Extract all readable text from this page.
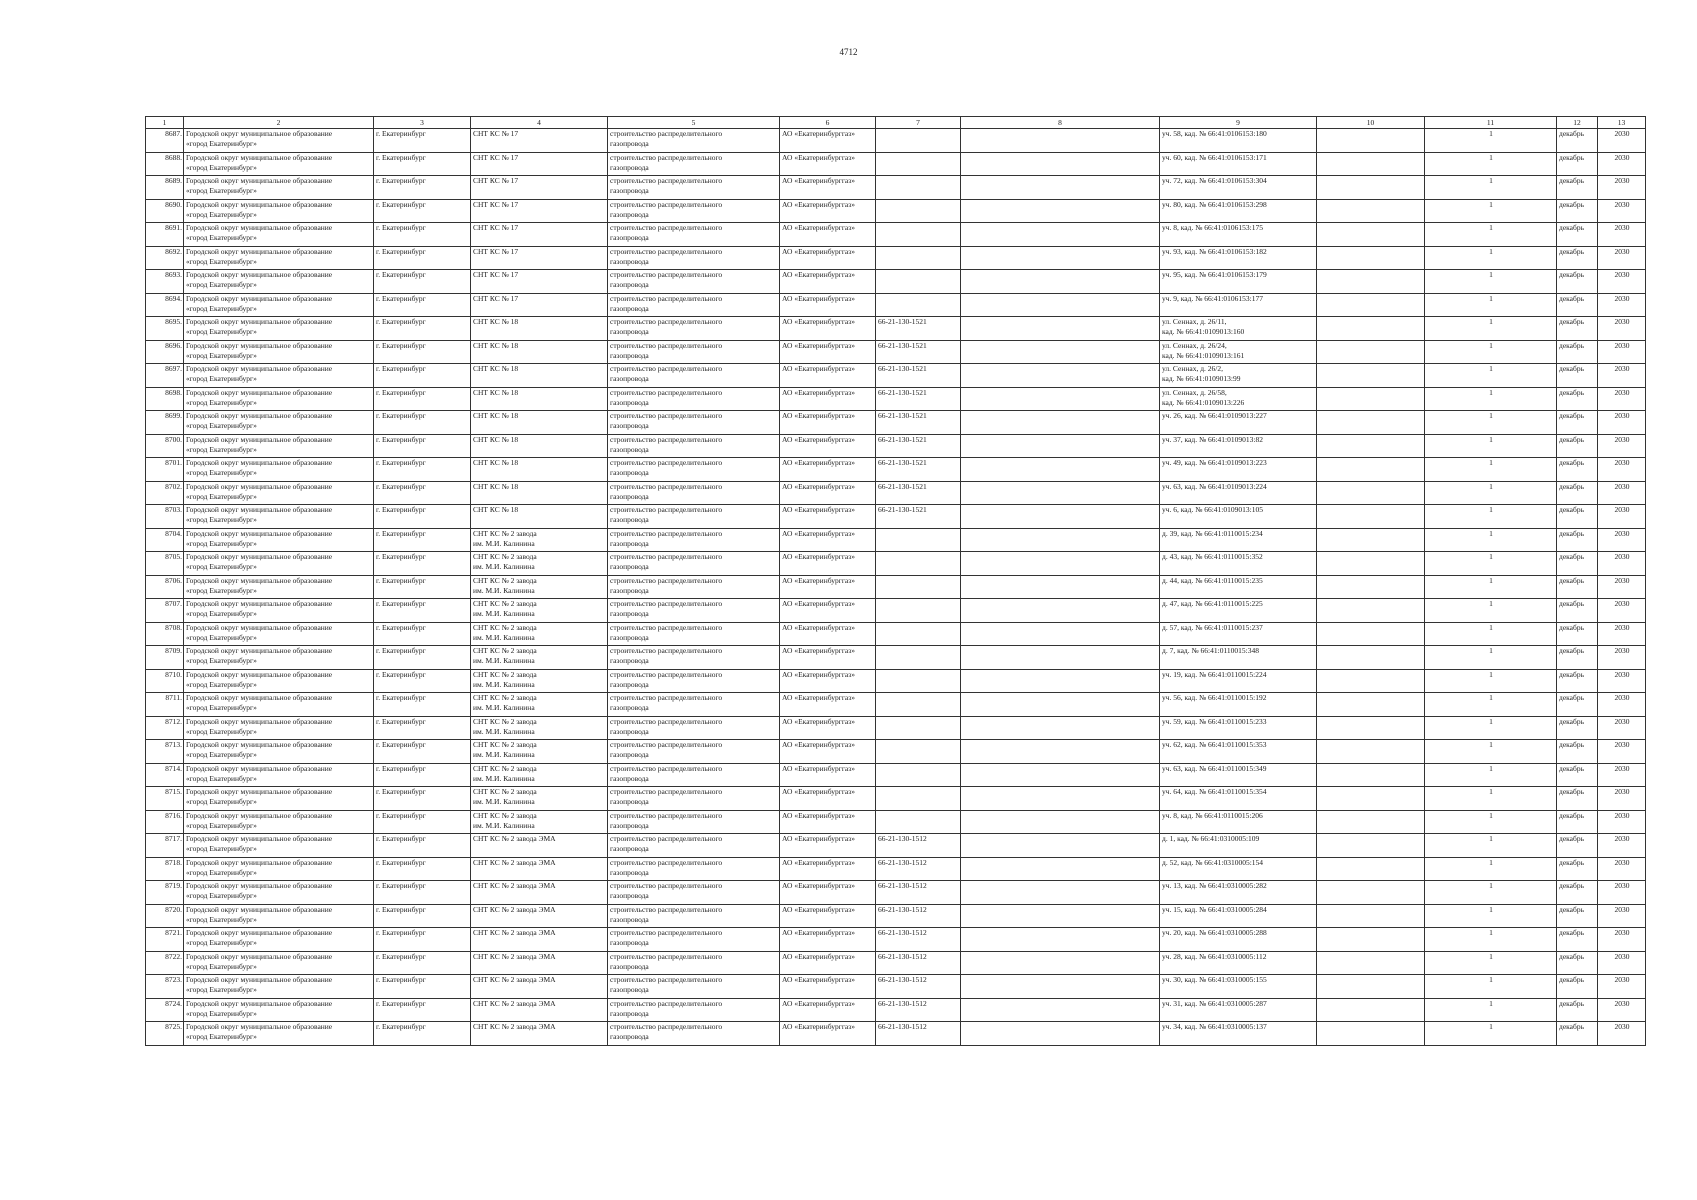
4712
1	2	3	4	5	6	7	8	9	10	11	12	13
8687.	Городской округ муниципальное образование
«город Екатеринбург»	г. Екатеринбург	СНТ КС № 17	строительство распределительного
газопровода	АО «Екатеринбурггаз»			уч. 58, кад. № 66:41:0106153:180		1	декабрь	2030
8688.	Городской округ муниципальное образование
«город Екатеринбург»	г. Екатеринбург	СНТ КС № 17	строительство распределительного
газопровода	АО «Екатеринбурггаз»			уч. 60, кад. № 66:41:0106153:171		1	декабрь	2030
8689.	Городской округ муниципальное образование
«город Екатеринбург»	г. Екатеринбург	СНТ КС № 17	строительство распределительного
газопровода	АО «Екатеринбурггаз»			уч. 72, кад. № 66:41:0106153:304		1	декабрь	2030
8690.	Городской округ муниципальное образование
«город Екатеринбург»	г. Екатеринбург	СНТ КС № 17	строительство распределительного
газопровода	АО «Екатеринбурггаз»			уч. 80, кад. № 66:41:0106153:298		1	декабрь	2030
8691.	Городской округ муниципальное образование
«город Екатеринбург»	г. Екатеринбург	СНТ КС № 17	строительство распределительного
газопровода	АО «Екатеринбурггаз»			уч. 8, кад. № 66:41:0106153:175		1	декабрь	2030
8692.	Городской округ муниципальное образование
«город Екатеринбург»	г. Екатеринбург	СНТ КС № 17	строительство распределительного
газопровода	АО «Екатеринбурггаз»			уч. 93, кад. № 66:41:0106153:182		1	декабрь	2030
8693.	Городской округ муниципальное образование
«город Екатеринбург»	г. Екатеринбург	СНТ КС № 17	строительство распределительного
газопровода	АО «Екатеринбурггаз»			уч. 95, кад. № 66:41:0106153:179		1	декабрь	2030
8694.	Городской округ муниципальное образование
«город Екатеринбург»	г. Екатеринбург	СНТ КС № 17	строительство распределительного
газопровода	АО «Екатеринбурггаз»			уч. 9, кад. № 66:41:0106153:177		1	декабрь	2030
8695.	Городской округ муниципальное образование
«город Екатеринбург»	г. Екатеринбург	СНТ КС № 18	строительство распределительного
газопровода	АО «Екатеринбурггаз»	66-21-130-1521		ул. Сеннах, д. 26/11,
кад. № 66:41:0109013:160		1	декабрь	2030
8696.	Городской округ муниципальное образование
«город Екатеринбург»	г. Екатеринбург	СНТ КС № 18	строительство распределительного
газопровода	АО «Екатеринбурггаз»	66-21-130-1521		ул. Сеннах, д. 26/24,
кад. № 66:41:0109013:161		1	декабрь	2030
8697.	Городской округ муниципальное образование
«город Екатеринбург»	г. Екатеринбург	СНТ КС № 18	строительство распределительного
газопровода	АО «Екатеринбурггаз»	66-21-130-1521		ул. Сеннах, д. 26/2,
кад. № 66:41:0109013:99		1	декабрь	2030
8698.	Городской округ муниципальное образование
«город Екатеринбург»	г. Екатеринбург	СНТ КС № 18	строительство распределительного
газопровода	АО «Екатеринбурггаз»	66-21-130-1521		ул. Сеннах, д. 26/58,
кад. № 66:41:0109013:226		1	декабрь	2030
8699.	Городской округ муниципальное образование
«город Екатеринбург»	г. Екатеринбург	СНТ КС № 18	строительство распределительного
газопровода	АО «Екатеринбурггаз»	66-21-130-1521		уч. 26, кад. № 66:41:0109013:227		1	декабрь	2030
8700.	Городской округ муниципальное образование
«город Екатеринбург»	г. Екатеринбург	СНТ КС № 18	строительство распределительного
газопровода	АО «Екатеринбурггаз»	66-21-130-1521		уч. 37, кад. № 66:41:0109013:82		1	декабрь	2030
8701.	Городской округ муниципальное образование
«город Екатеринбург»	г. Екатеринбург	СНТ КС № 18	строительство распределительного
газопровода	АО «Екатеринбурггаз»	66-21-130-1521		уч. 49, кад. № 66:41:0109013:223		1	декабрь	2030
8702.	Городской округ муниципальное образование
«город Екатеринбург»	г. Екатеринбург	СНТ КС № 18	строительство распределительного
газопровода	АО «Екатеринбурггаз»	66-21-130-1521		уч. 63, кад. № 66:41:0109013:224		1	декабрь	2030
8703.	Городской округ муниципальное образование
«город Екатеринбург»	г. Екатеринбург	СНТ КС № 18	строительство распределительного
газопровода	АО «Екатеринбурггаз»	66-21-130-1521		уч. 6, кад. № 66:41:0109013:105		1	декабрь	2030
8704.	Городской округ муниципальное образование
«город Екатеринбург»	г. Екатеринбург	СНТ КС № 2 завода
им. М.И. Калинина	строительство распределительного
газопровода	АО «Екатеринбурггаз»			д. 39, кад. № 66:41:0110015:234		1	декабрь	2030
8705.	Городской округ муниципальное образование
«город Екатеринбург»	г. Екатеринбург	СНТ КС № 2 завода
им. М.И. Калинина	строительство распределительного
газопровода	АО «Екатеринбурггаз»			д. 43, кад. № 66:41:0110015:352		1	декабрь	2030
8706.	Городской округ муниципальное образование
«город Екатеринбург»	г. Екатеринбург	СНТ КС № 2 завода
им. М.И. Калинина	строительство распределительного
газопровода	АО «Екатеринбурггаз»			д. 44, кад. № 66:41:0110015:235		1	декабрь	2030
8707.	Городской округ муниципальное образование
«город Екатеринбург»	г. Екатеринбург	СНТ КС № 2 завода
им. М.И. Калинина	строительство распределительного
газопровода	АО «Екатеринбурггаз»			д. 47, кад. № 66:41:0110015:225		1	декабрь	2030
8708.	Городской округ муниципальное образование
«город Екатеринбург»	г. Екатеринбург	СНТ КС № 2 завода
им. М.И. Калинина	строительство распределительного
газопровода	АО «Екатеринбурггаз»			д. 57, кад. № 66:41:0110015:237		1	декабрь	2030
8709.	Городской округ муниципальное образование
«город Екатеринбург»	г. Екатеринбург	СНТ КС № 2 завода
им. М.И. Калинина	строительство распределительного
газопровода	АО «Екатеринбурггаз»			д. 7, кад. № 66:41:0110015:348		1	декабрь	2030
8710.	Городской округ муниципальное образование
«город Екатеринбург»	г. Екатеринбург	СНТ КС № 2 завода
им. М.И. Калинина	строительство распределительного
газопровода	АО «Екатеринбурггаз»			уч. 19, кад. № 66:41:0110015:224		1	декабрь	2030
8711.	Городской округ муниципальное образование
«город Екатеринбург»	г. Екатеринбург	СНТ КС № 2 завода
им. М.И. Калинина	строительство распределительного
газопровода	АО «Екатеринбурггаз»			уч. 56, кад. № 66:41:0110015:192		1	декабрь	2030
8712.	Городской округ муниципальное образование
«город Екатеринбург»	г. Екатеринбург	СНТ КС № 2 завода
им. М.И. Калинина	строительство распределительного
газопровода	АО «Екатеринбурггаз»			уч. 59, кад. № 66:41:0110015:233		1	декабрь	2030
8713.	Городской округ муниципальное образование
«город Екатеринбург»	г. Екатеринбург	СНТ КС № 2 завода
им. М.И. Калинина	строительство распределительного
газопровода	АО «Екатеринбурггаз»			уч. 62, кад. № 66:41:0110015:353		1	декабрь	2030
8714.	Городской округ муниципальное образование
«город Екатеринбург»	г. Екатеринбург	СНТ КС № 2 завода
им. М.И. Калинина	строительство распределительного
газопровода	АО «Екатеринбурггаз»			уч. 63, кад. № 66:41:0110015:349		1	декабрь	2030
8715.	Городской округ муниципальное образование
«город Екатеринбург»	г. Екатеринбург	СНТ КС № 2 завода
им. М.И. Калинина	строительство распределительного
газопровода	АО «Екатеринбурггаз»			уч. 64, кад. № 66:41:0110015:354		1	декабрь	2030
8716.	Городской округ муниципальное образование
«город Екатеринбург»	г. Екатеринбург	СНТ КС № 2 завода
им. М.И. Калинина	строительство распределительного
газопровода	АО «Екатеринбурггаз»			уч. 8, кад. № 66:41:0110015:206		1	декабрь	2030
8717.	Городской округ муниципальное образование
«город Екатеринбург»	г. Екатеринбург	СНТ КС № 2 завода ЭМА	строительство распределительного
газопровода	АО «Екатеринбурггаз»	66-21-130-1512		д. 1, кад. № 66:41:0310005:109		1	декабрь	2030
8718.	Городской округ муниципальное образование
«город Екатеринбург»	г. Екатеринбург	СНТ КС № 2 завода ЭМА	строительство распределительного
газопровода	АО «Екатеринбурггаз»	66-21-130-1512		д. 52, кад. № 66:41:0310005:154		1	декабрь	2030
8719.	Городской округ муниципальное образование
«город Екатеринбург»	г. Екатеринбург	СНТ КС № 2 завода ЭМА	строительство распределительного
газопровода	АО «Екатеринбурггаз»	66-21-130-1512		уч. 13, кад. № 66:41:0310005:282		1	декабрь	2030
8720.	Городской округ муниципальное образование
«город Екатеринбург»	г. Екатеринбург	СНТ КС № 2 завода ЭМА	строительство распределительного
газопровода	АО «Екатеринбурггаз»	66-21-130-1512		уч. 15, кад. № 66:41:0310005:284		1	декабрь	2030
8721.	Городской округ муниципальное образование
«город Екатеринбург»	г. Екатеринбург	СНТ КС № 2 завода ЭМА	строительство распределительного
газопровода	АО «Екатеринбурггаз»	66-21-130-1512		уч. 20, кад. № 66:41:0310005:288		1	декабрь	2030
8722.	Городской округ муниципальное образование
«город Екатеринбург»	г. Екатеринбург	СНТ КС № 2 завода ЭМА	строительство распределительного
газопровода	АО «Екатеринбурггаз»	66-21-130-1512		уч. 28, кад. № 66:41:0310005:112		1	декабрь	2030
8723.	Городской округ муниципальное образование
«город Екатеринбург»	г. Екатеринбург	СНТ КС № 2 завода ЭМА	строительство распределительного
газопровода	АО «Екатеринбурггаз»	66-21-130-1512		уч. 30, кад. № 66:41:0310005:155		1	декабрь	2030
8724.	Городской округ муниципальное образование
«город Екатеринбург»	г. Екатеринбург	СНТ КС № 2 завода ЭМА	строительство распределительного
газопровода	АО «Екатеринбурггаз»	66-21-130-1512		уч. 31, кад. № 66:41:0310005:287		1	декабрь	2030
8725.	Городской округ муниципальное образование
«город Екатеринбург»	г. Екатеринбург	СНТ КС № 2 завода ЭМА	строительство распределительного
газопровода	АО «Екатеринбурггаз»	66-21-130-1512		уч. 34, кад. № 66:41:0310005:137		1	декабрь	2030
